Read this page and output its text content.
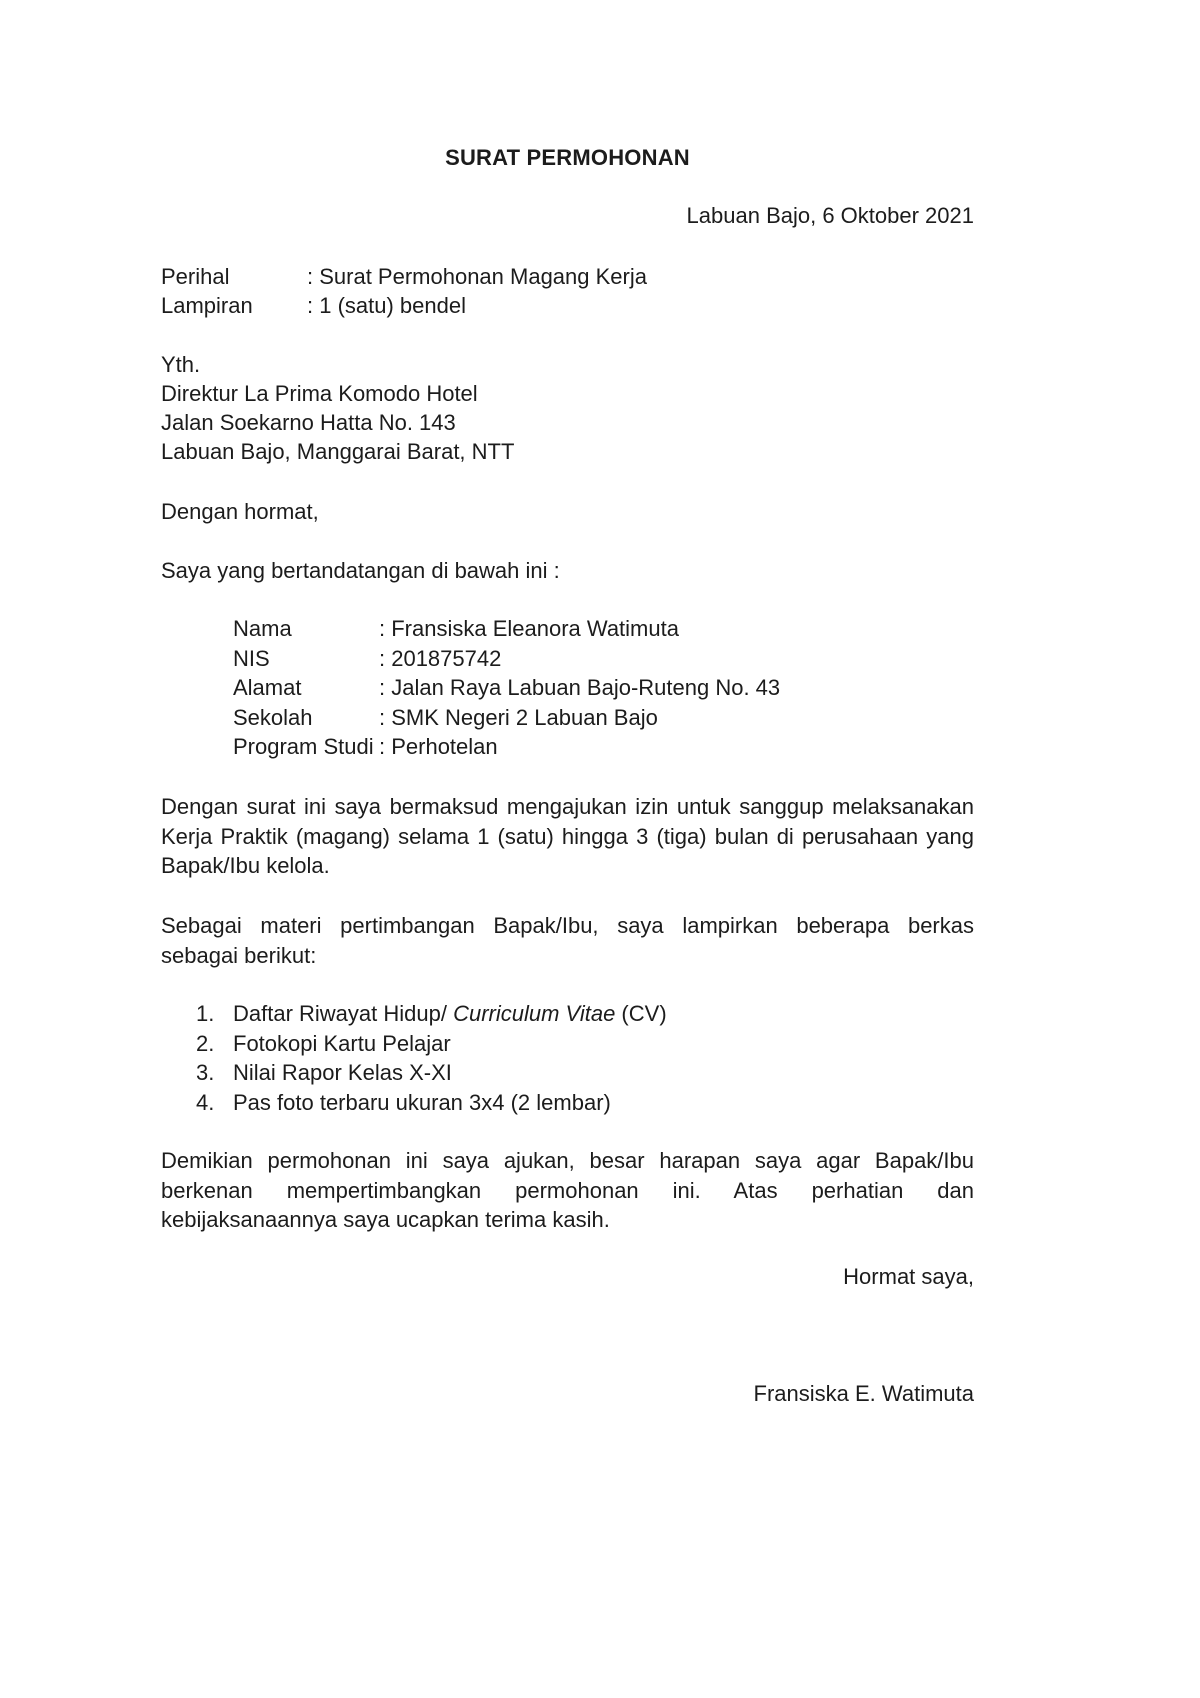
SURAT PERMOHONAN
Labuan Bajo, 6 Oktober 2021
Perihal	: Surat Permohonan Magang Kerja
Lampiran	: 1 (satu) bendel
Yth.
Direktur La Prima Komodo Hotel
Jalan Soekarno Hatta No. 143
Labuan Bajo, Manggarai Barat, NTT
Dengan hormat,
Saya yang bertandatangan di bawah ini :
Nama	: Fransiska Eleanora Watimuta
NIS	: 201875742
Alamat	: Jalan Raya Labuan Bajo-Ruteng No. 43
Sekolah	: SMK Negeri 2 Labuan Bajo
Program Studi : Perhotelan
Dengan surat ini saya bermaksud mengajukan izin untuk sanggup melaksanakan
Kerja Praktik (magang) selama 1 (satu) hingga 3 (tiga) bulan di perusahaan yang
Bapak/Ibu kelola.
Sebagai materi pertimbangan Bapak/Ibu, saya lampirkan beberapa berkas
sebagai berikut:
1. Daftar Riwayat Hidup/ Curriculum Vitae (CV)
2. Fotokopi Kartu Pelajar
3. Nilai Rapor Kelas X-XI
4. Pas foto terbaru ukuran 3x4 (2 lembar)
Demikian permohonan ini saya ajukan, besar harapan saya agar Bapak/Ibu
berkenan mempertimbangkan permohonan ini. Atas perhatian dan
kebijaksanaannya saya ucapkan terima kasih.
Hormat saya,
Fransiska E. Watimuta
